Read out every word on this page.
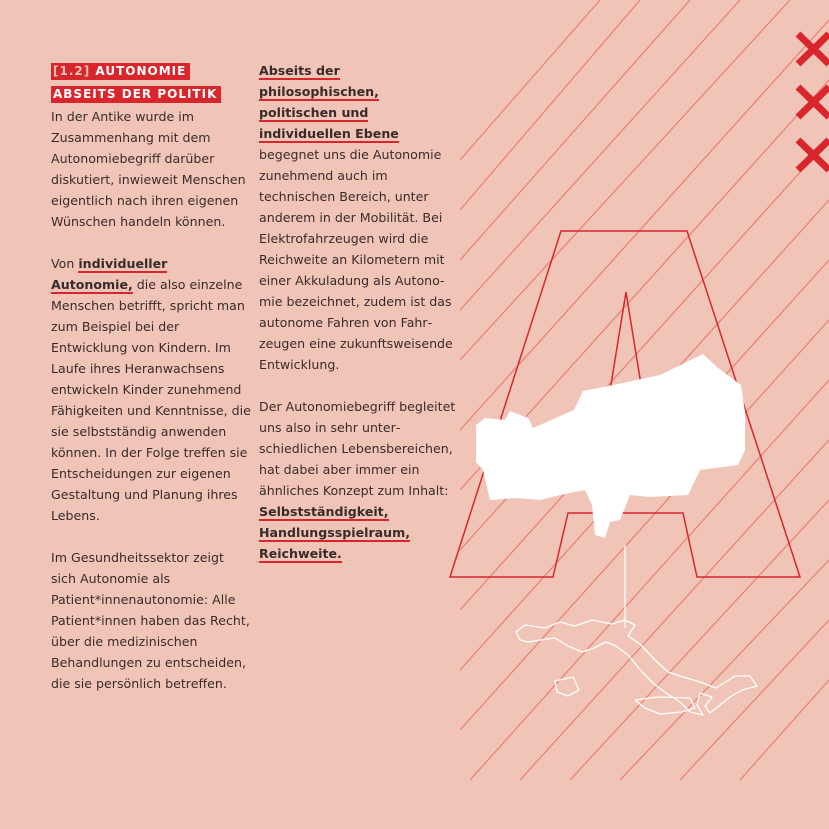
[1.2] AUTONOMIE
ABSEITS DER POLITIK

In der Antike wurde im Zusammenhang mit dem Autonomiebegriff darüber diskutiert, inwieweit Menschen eigentlich nach ihren eigenen Wünschen handeln können.

Von individueller Autonomie, die also einzelne Menschen betrifft, spricht man zum Beispiel bei der Entwicklung von Kindern. Im Laufe ihres Heranwachsens entwickeln Kinder zunehmend Fähigkeiten und Kenntnisse, die sie selbstständig anwenden können. In der Folge treffen sie Entscheidungen zur eigenen Gestaltung und Planung ihres Lebens.

Im Gesundheitssektor zeigt sich Autonomie als Patient*innenautonomie: Alle Patient*innen haben das Recht, über die medizinischen Behandlungen zu entscheiden, die sie persönlich betreffen.

Abseits der philosophischen, politischen und individuellen Ebene begegnet uns die Autonomie zunehmend auch im technischen Bereich, unter anderem in der Mobilität. Bei Elektrofahrzeugen wird die Reichweite an Kilometern mit einer Akkuladung als Autonomie bezeichnet, zudem ist das autonome Fahren von Fahrzeugen eine zukunftsweisende Entwicklung.

Der Autonomiebegriff begleitet uns also in sehr unterschiedlichen Lebensbereichen, hat dabei aber immer ein ähnliches Konzept zum Inhalt:
Selbstständigkeit,
Handlungsspielraum,
Reichweite.
